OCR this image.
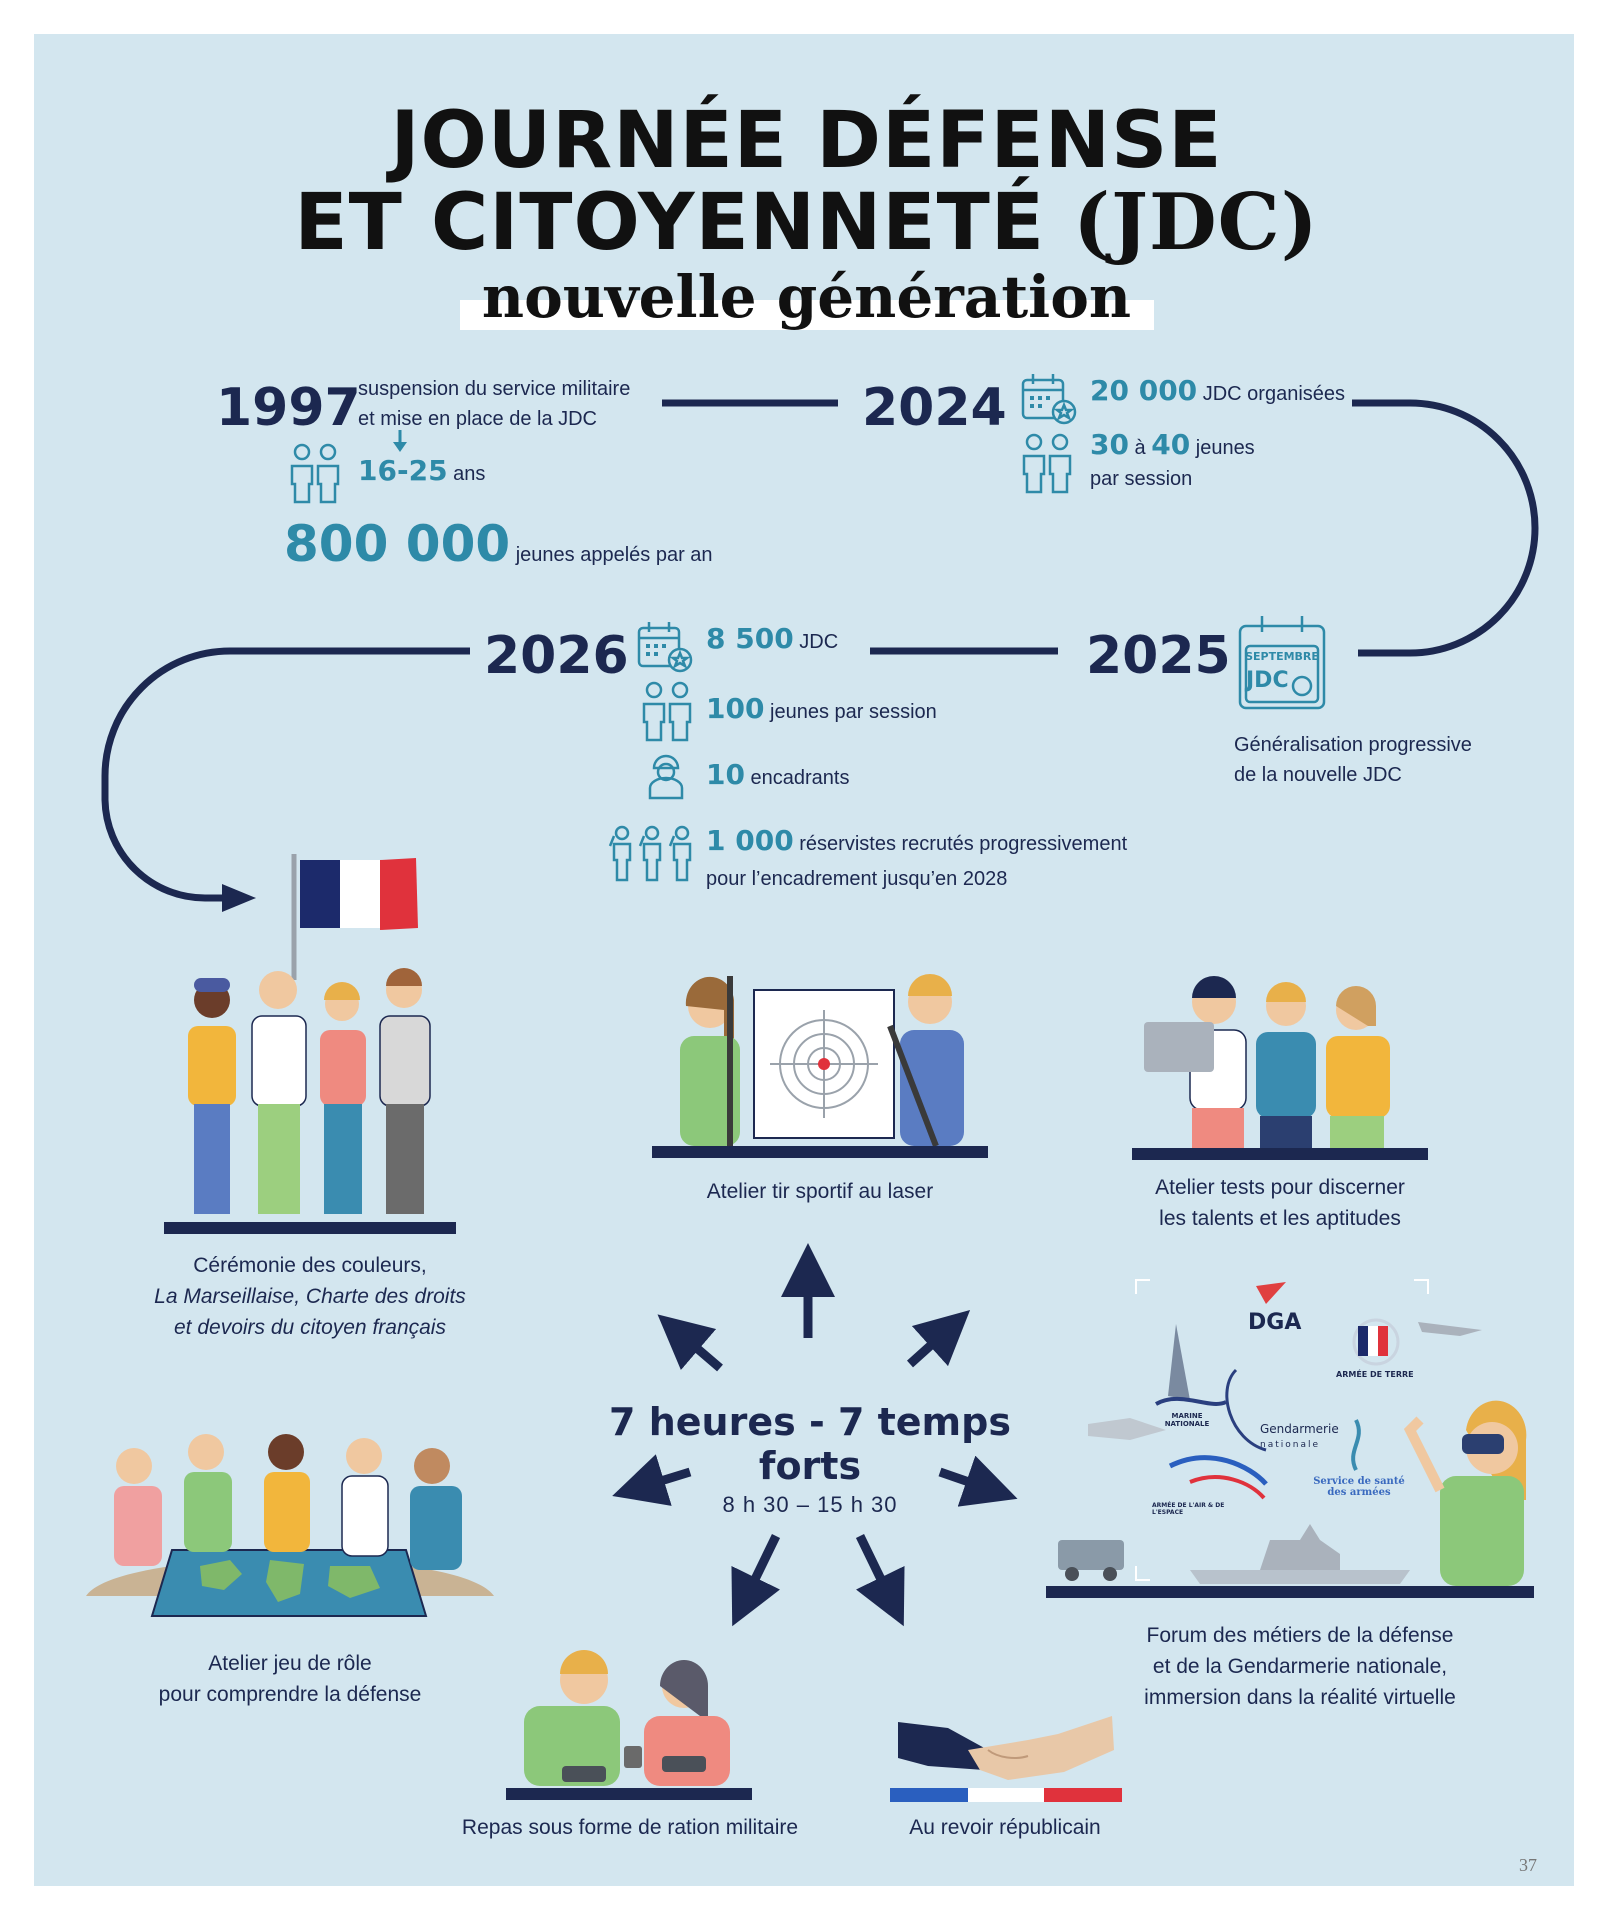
JOURNÉE DÉFENSE
ET CITOYENNETÉ (JDC)
nouvelle génération
1997
suspension du service militaire
et mise en place de la JDC
16-25 ans
800 000 jeunes appelés par an
2024	20 000 JDC organisées
30 à 40 jeunes
par session
2025	SEPTEMBRE
JDC
Généralisation progressive
de la nouvelle JDC
2026	8 500 JDC
100 jeunes par session
10 encadrants
1 000 réservistes recrutés progressivement
pour l’encadrement jusqu’en 2028
Cérémonie des couleurs,
La Marseillaise, Charte des droits
et devoirs du citoyen français
Atelier tir sportif au laser	Atelier tests pour discerner
les talents et les aptitudes
7 heures - 7 temps forts
8 h 30 – 15 h 30
Atelier jeu de rôle
pour comprendre la défense
DGA
ARMÉE DE TERRE
MARINE NATIONALE	Gendarmerie
nationale
ARMÉE DE L'AIR & DE L'ESPACE
Service de santé
des armées
Forum des métiers de la défense
et de la Gendarmerie nationale,
immersion dans la réalité virtuelle
Repas sous forme de ration militaire	Au revoir républicain
37
